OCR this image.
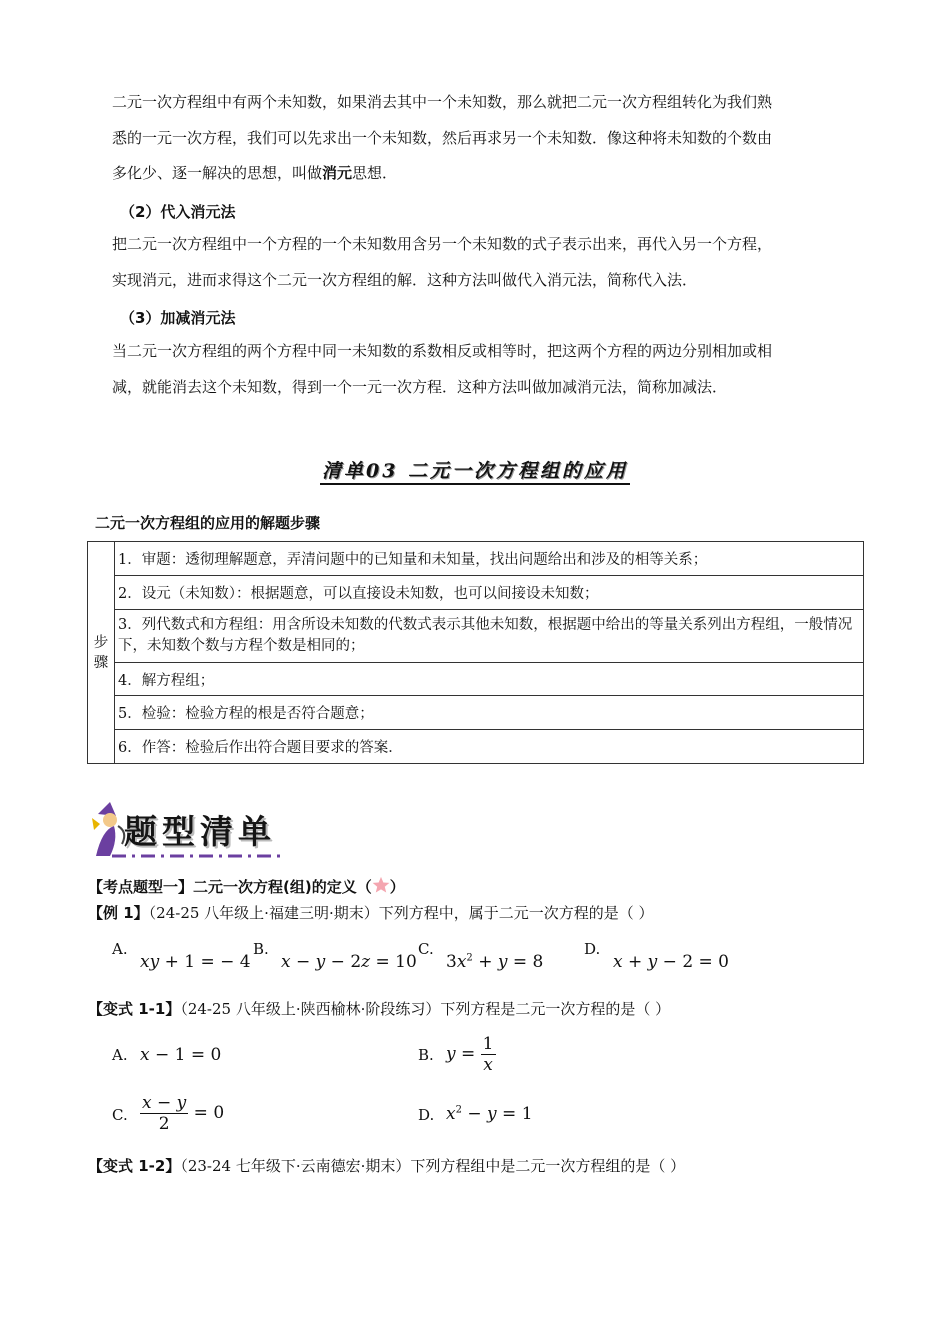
二元一次方程组中有两个未知数，如果消去其中一个未知数，那么就把二元一次方程组转化为我们熟

悉的一元一次方程，我们可以先求出一个未知数，然后再求另一个未知数．像这种将未知数的个数由

多化少、逐一解决的思想，叫做消元思想．

（2）代入消元法

把二元一次方程组中一个方程的一个未知数用含另一个未知数的式子表示出来，再代入另一个方程，

实现消元，进而求得这个二元一次方程组的解．这种方法叫做代入消元法，简称代入法．

（3）加减消元法

当二元一次方程组的两个方程中同一未知数的系数相反或相等时，把这两个方程的两边分别相加或相

减，就能消去这个未知数，得到一个一元一次方程．这种方法叫做加减消元法，简称加减法．

清单03 二元一次方程组的应用
二元一次方程组的应用的解题步骤
步
骤	1．审题：透彻理解题意，弄清问题中的已知量和未知量，找出问题给出和涉及的相等关系；
2．设元（未知数）：根据题意，可以直接设未知数，也可以间接设未知数；
3．列代数式和方程组：用含所设未知数的代数式表示其他未知数，根据题中给出的等量关系列出方程组，一般情况下，未知数个数与方程个数是相同的；
4．解方程组；
5．检验：检验方程的根是否符合题意；
6．作答：检验后作出符合题目要求的答案．
题型清单
【考点题型一】二元一次方程(组)的定义（ ）
【例 1】（24-25 八年级上·福建三明·期末）下列方程中，属于二元一次方程的是（ ）
A.
xy + 1 = − 4
B.
x − y − 2z = 10
C.
$3x^2 + y = 8$
D.
x + y − 2 = 0
【变式 1-1】（24-25 八年级上·陕西榆林·阶段练习）下列方程是二元一次方程的是（ ）
A. x − 1 = 0	B. $y = \frac{1}{x}$
C. $\frac{x - y}{2} = 0$	D. $x^2 - y = 1$
【变式 1-2】（23-24 七年级下·云南德宏·期末）下列方程组中是二元一次方程组的是（ ）
